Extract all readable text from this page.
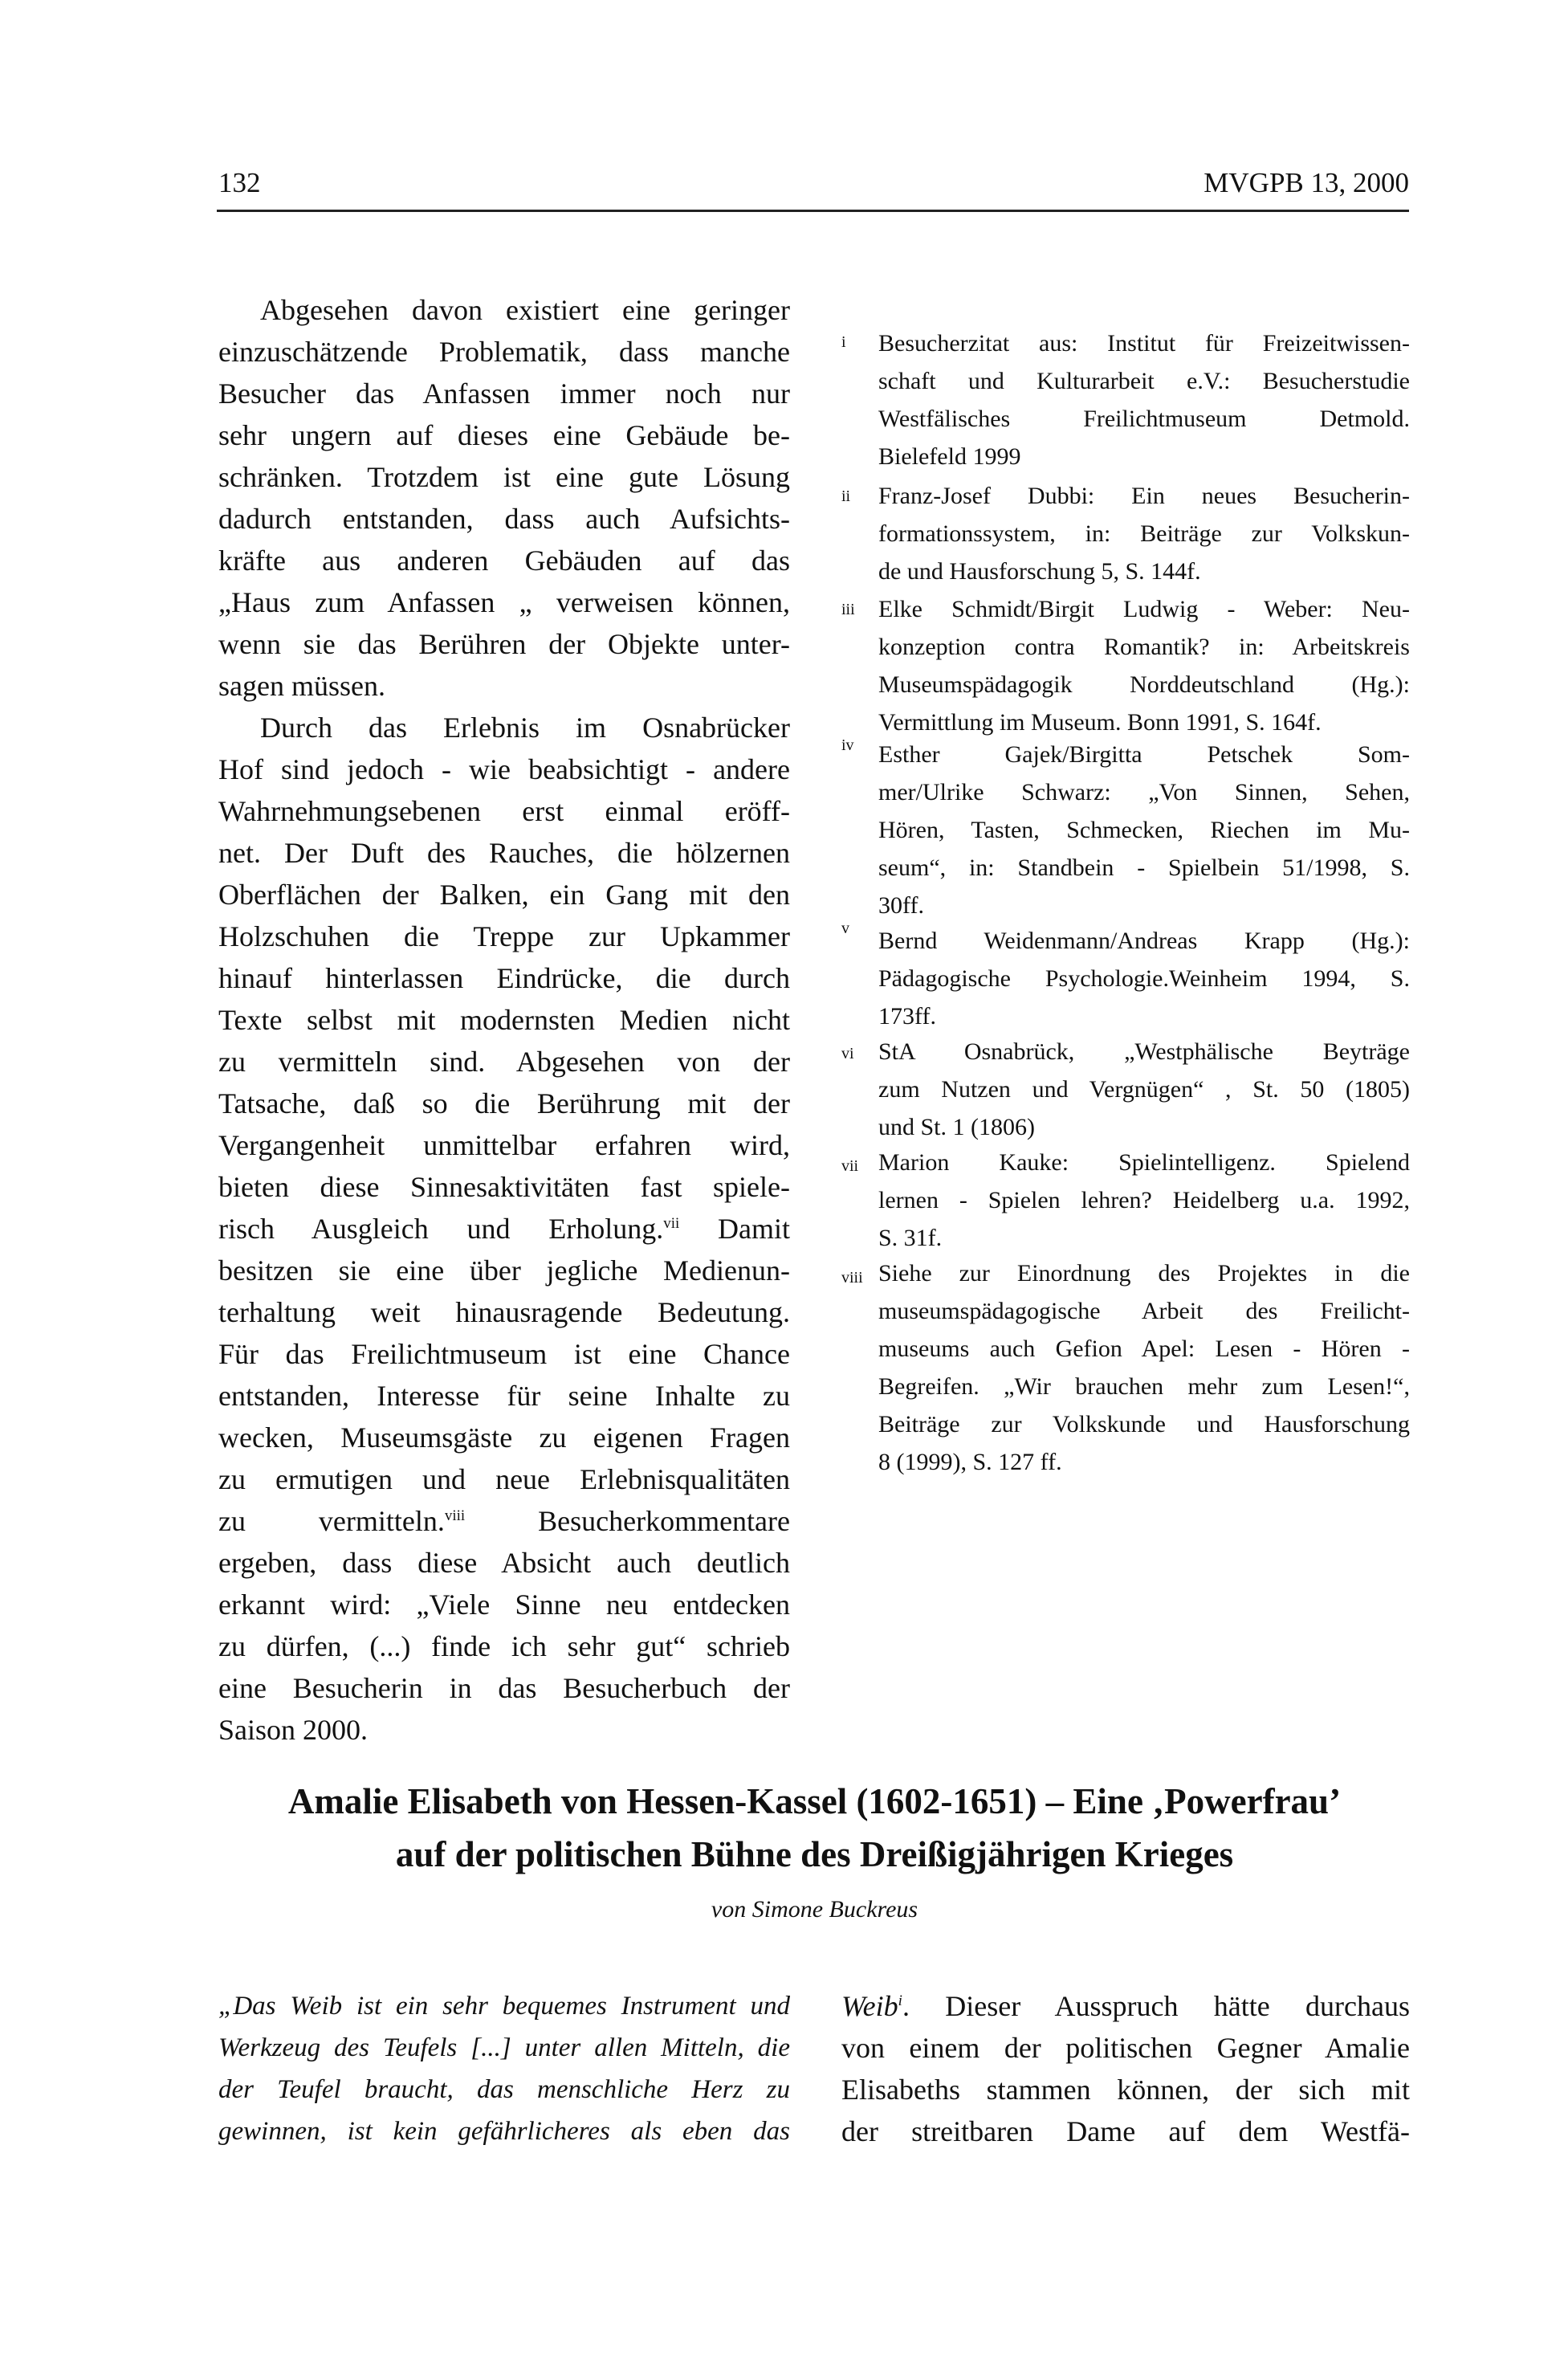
132	MVGPB 13, 2000
Abgesehen davon existiert eine geringer
einzuschätzende Problematik, dass manche
Besucher das Anfassen immer noch nur
sehr ungern auf dieses eine Gebäude be-
schränken. Trotzdem ist eine gute Lösung
dadurch entstanden, dass auch Aufsichts-
kräfte aus anderen Gebäuden auf das
„Haus zum Anfassen „ verweisen können,
wenn sie das Berühren der Objekte unter-
sagen müssen.
Durch das Erlebnis im Osnabrücker
Hof sind jedoch - wie beabsichtigt - andere
Wahrnehmungsebenen erst einmal eröff-
net. Der Duft des Rauches, die hölzernen
Oberflächen der Balken, ein Gang mit den
Holzschuhen die Treppe zur Upkammer
hinauf hinterlassen Eindrücke, die durch
Texte selbst mit modernsten Medien nicht
zu vermitteln sind. Abgesehen von der
Tatsache, daß so die Berührung mit der
Vergangenheit unmittelbar erfahren wird,
bieten diese Sinnesaktivitäten fast spiele-
risch Ausgleich und Erholung.$^{vii}$ Damit
besitzen sie eine über jegliche Medienun-
terhaltung weit hinausragende Bedeutung.
Für das Freilichtmuseum ist eine Chance
entstanden, Interesse für seine Inhalte zu
wecken, Museumsgäste zu eigenen Fragen
zu ermutigen und neue Erlebnisqualitäten
zu vermitteln.$^{viii}$	Besucherkommentare
ergeben, dass diese Absicht auch deutlich
erkannt wird: „Viele Sinne neu entdecken
zu dürfen, (...) finde ich sehr gut“ schrieb
eine Besucherin in das Besucherbuch der
Saison 2000.
i Besucherzitat aus: Institut für Freizeitwissen-
schaft und Kulturarbeit e.V.: Besucherstudie
Westfälisches Freilichtmuseum Detmold.
Bielefeld 1999
ii Franz-Josef Dubbi: Ein neues Besucherin-
formationssystem, in: Beiträge zur Volkskun-
de und Hausforschung 5, S. 144f.
iii Elke Schmidt/Birgit Ludwig - Weber: Neu-
konzeption contra Romantik? in: Arbeitskreis
Museumspädagogik Norddeutschland (Hg.):
Vermittlung im Museum. Bonn 1991, S. 164f.
iv Esther Gajek/Birgitta Petschek Som-
mer/Ulrike Schwarz: „Von Sinnen, Sehen,
Hören, Tasten, Schmecken, Riechen im Mu-
seum“, in: Standbein - Spielbein 51/1998, S.
30ff.
v Bernd Weidenmann/Andreas Krapp (Hg.):
Pädagogische Psychologie.Weinheim 1994, S.
173ff.
vi StA Osnabrück, „Westphälische Beyträge
zum Nutzen und Vergnügen“ , St. 50 (1805)
und St. 1 (1806)
vii Marion Kauke: Spielintelligenz. Spielend
lernen - Spielen lehren? Heidelberg u.a. 1992,
S. 31f.
viii Siehe zur Einordnung des Projektes in die
museumspädagogische Arbeit des Freilicht-
museums auch Gefion Apel: Lesen - Hören -
Begreifen. „Wir brauchen mehr zum Lesen!“,
Beiträge zur Volkskunde und Hausforschung
8 (1999), S. 127 ff.
Amalie Elisabeth von Hessen-Kassel (1602-1651) – Eine ‚Powerfrau’
auf der politischen Bühne des Dreißigjährigen Krieges
von Simone Buckreus
„Das Weib ist ein sehr bequemes Instrument und
Werkzeug des Teufels [...] unter allen Mitteln, die
der Teufel braucht, das menschliche Herz zu
gewinnen, ist kein gefährlicheres als eben das
Weib$^i$. Dieser Ausspruch hätte durchaus
von einem der politischen Gegner Amalie
Elisabeths stammen können, der sich mit
der streitbaren Dame auf dem Westfä-
